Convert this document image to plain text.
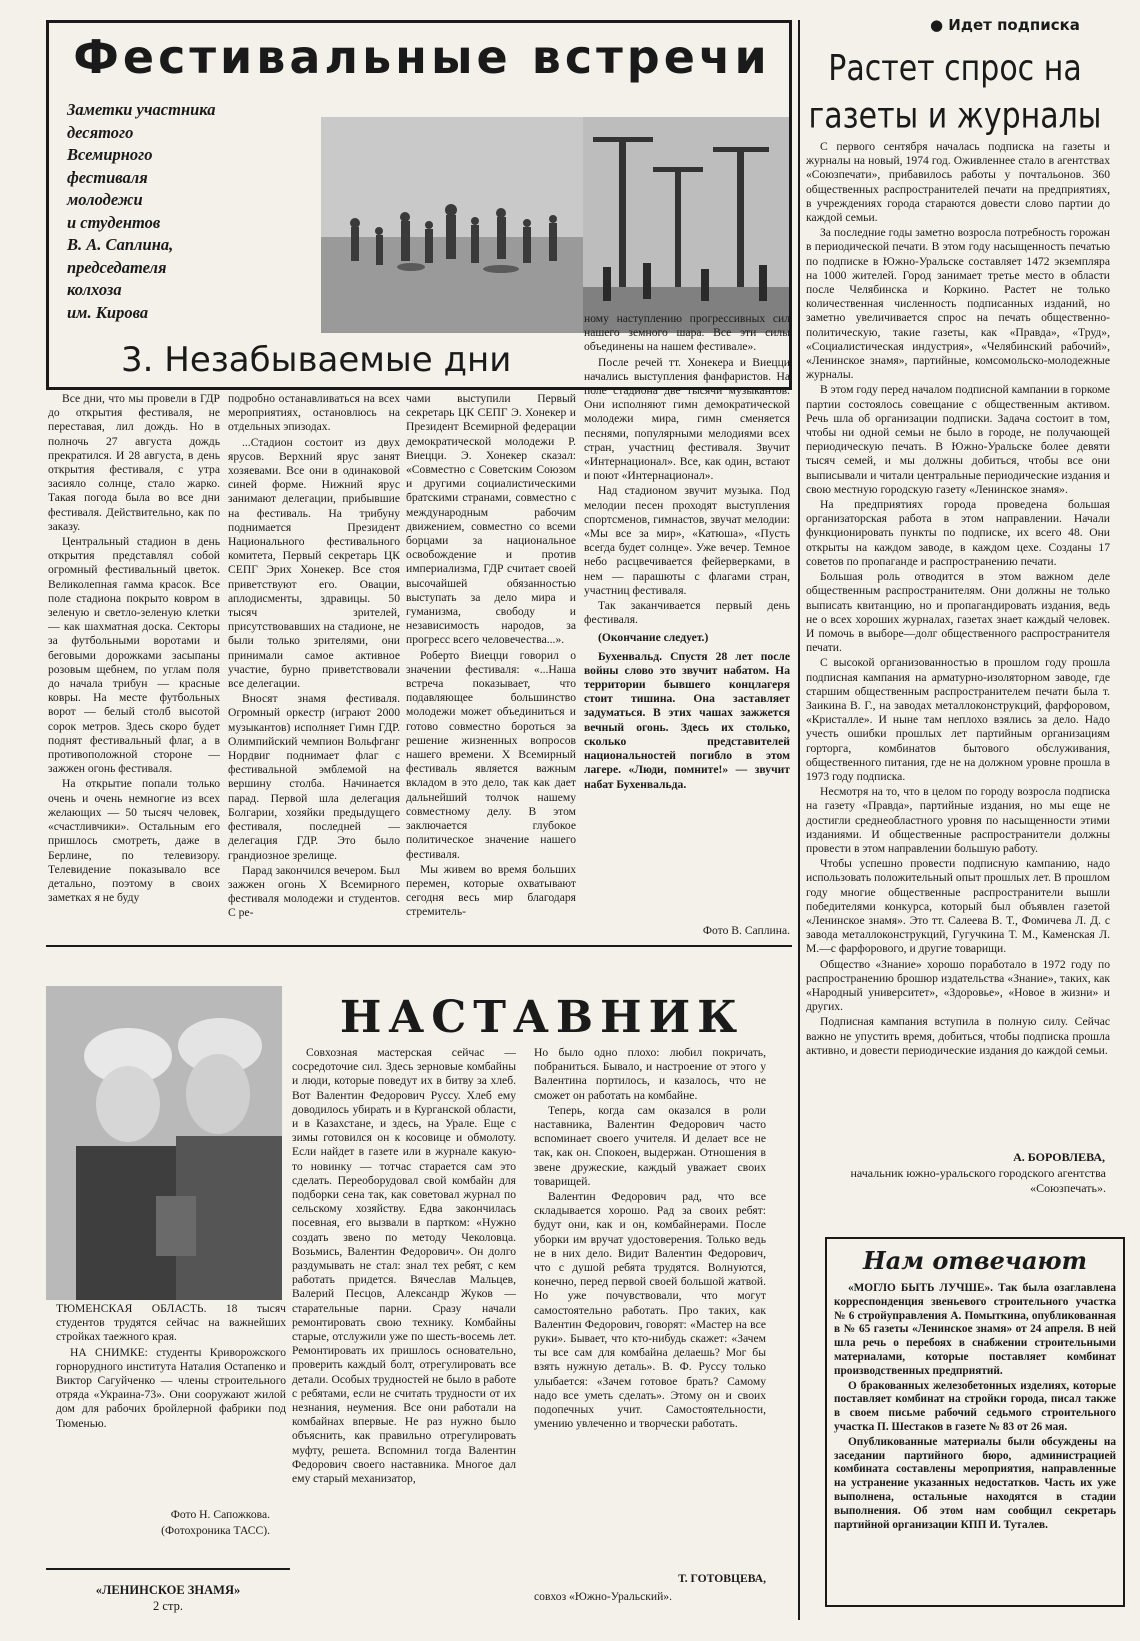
Фестивальные встречи
Заметки участника
десятого
Всемирного
фестиваля
молодежи
и студентов
В. А. Саплина,
председателя
колхоза
им. Кирова
3. Незабываемые дни

Все дни, что мы провели в ГДР до открытия фестиваля, не переставая, лил дождь. Но в полночь 27 августа дождь прекратился. И 28 августа, в день открытия фестиваля, с утра засияло солнце, стало жарко. Такая погода была во все дни фестиваля. Действительно, как по заказу.

Центральный стадион в день открытия представлял собой огромный фестивальный цветок. Великолепная гамма красок. Все поле стадиона покрыто ковром в зеленую и светло-зеленую клетки — как шахматная доска. Секторы за футбольными воротами и беговыми дорожками засыпаны розовым щебнем, по углам поля до начала трибун — красные ковры. На месте футбольных ворот — белый столб высотой сорок метров. Здесь скоро будет поднят фестивальный флаг, а в противоположной стороне — зажжен огонь фестиваля.

На открытие попали только очень и очень немногие из всех желающих — 50 тысяч человек, «счастливчики». Остальным его пришлось смотреть, даже в Берлине, по телевизору. Телевидение показывало все детально, поэтому в своих заметках я не буду

подробно останавливаться на всех мероприятиях, остановлюсь на отдельных эпизодах.

...Стадион состоит из двух ярусов. Верхний ярус занят хозяевами. Все они в одинаковой синей форме. Нижний ярус занимают делегации, прибывшие на фестиваль. На трибуну поднимается Президент Национального фестивального комитета, Первый секретарь ЦК СЕПГ Эрих Хонекер. Все стоя приветствуют его. Овации, аплодисменты, здравицы. 50 тысяч зрителей, присутствовавших на стадионе, не были только зрителями, они принимали самое активное участие, бурно приветствовали все делегации.

Вносят знамя фестиваля. Огромный оркестр (играют 2000 музыкантов) исполняет Гимн ГДР. Олимпийский чемпион Вольфганг Нордвиг поднимает флаг с фестивальной эмблемой на вершину столба. Начинается парад. Первой шла делегация Болгарии, хозяйки предыдущего фестиваля, последней — делегация ГДР. Это было грандиозное зрелище.

Парад закончился вечером. Был зажжен огонь X Всемирного фестиваля молодежи и студентов. С ре-

чами выступили Первый секретарь ЦК СЕПГ Э. Хонекер и Президент Всемирной федерации демократической молодежи Р. Виецци. Э. Хонекер сказал: «Совместно с Советским Союзом и другими социалистическими братскими странами, совместно с международным рабочим движением, совместно со всеми борцами за национальное освобождение и против империализма, ГДР считает своей высочайшей обязанностью выступать за дело мира и гуманизма, свободу и независимость народов, за прогресс всего человечества...».

Роберто Виецци говорил о значении фестиваля: «...Наша встреча показывает, что подавляющее большинство молодежи может объединиться и готово совместно бороться за решение жизненных вопросов нашего времени. X Всемирный фестиваль является важным вкладом в это дело, так как дает дальнейший толчок нашему совместному делу. В этом заключается глубокое политическое значение нашего фестиваля.

Мы живем во время больших перемен, которые охватывают сегодня весь мир благодаря стремитель-

ному наступлению прогрессивных сил нашего земного шара. Все эти силы объединены на нашем фестивале».

После речей тт. Хонекера и Виецци начались выступления фанфаристов. На поле стадиона две тысячи музыкантов. Они исполняют гимн демократической молодежи мира, гимн сменяется песнями, популярными мелодиями всех стран, участниц фестиваля. Звучит «Интернационал». Все, как один, встают и поют «Интернационал».

Над стадионом звучит музыка. Под мелодии песен проходят выступления спортсменов, гимнастов, звучат мелодии: «Мы все за мир», «Катюша», «Пусть всегда будет солнце». Уже вечер. Темное небо расцвечивается фейерверками, в нем — парашюты с флагами стран, участниц фестиваля.

Так заканчивается первый день фестиваля.

(Окончание следует.)

Бухенвальд. Спустя 28 лет после войны слово это звучит набатом. На территории бывшего концлагеря стоит тишина. Она заставляет задуматься. В этих чашах зажжется вечный огонь. Здесь их столько, сколько представителей национальностей погибло в этом лагере. «Люди, помните!» — звучит набат Бухенвальда.

Фото В. Саплина.
● Идет подписка
Растет спрос на газеты и журналы

С первого сентября началась подписка на газеты и журналы на новый, 1974 год. Оживленнее стало в агентствах «Союзпечати», прибавилось работы у почтальонов. 360 общественных распространителей печати на предприятиях, в учреждениях города стараются довести слово партии до каждой семьи.

За последние годы заметно возросла потребность горожан в периодической печати. В этом году насыщенность печатью по подписке в Южно-Уральске составляет 1472 экземпляра на 1000 жителей. Город занимает третье место в области после Челябинска и Коркино. Растет не только количественная численность подписанных изданий, но заметно увеличивается спрос на печать общественно-политическую, такие газеты, как «Правда», «Труд», «Социалистическая индустрия», «Челябинский рабочий», «Ленинское знамя», партийные, комсомольско-молодежные журналы.

В этом году перед началом подписной кампании в горкоме партии состоялось совещание с общественным активом. Речь шла об организации подписки. Задача состоит в том, чтобы ни одной семьи не было в городе, не получающей периодическую печать. В Южно-Уральске более девяти тысяч семей, и мы должны добиться, чтобы все они выписывали и читали центральные периодические издания и свою местную городскую газету «Ленинское знамя».

На предприятиях города проведена большая организаторская работа в этом направлении. Начали функционировать пункты по подписке, их всего 48. Они открыты на каждом заводе, в каждом цехе. Созданы 17 советов по пропаганде и распространению печати.

Большая роль отводится в этом важном деле общественным распространителям. Они должны не только выписать квитанцию, но и пропагандировать издания, ведь не о всех хороших журналах, газетах знает каждый человек. И помочь в выборе—долг общественного распространителя печати.

С высокой организованностью в прошлом году прошла подписная кампания на арматурно-изоляторном заводе, где старшим общественным распространителем печати была т. Заикина В. Г., на заводах металлоконструкций, фарфоровом, «Кристалле». И ныне там неплохо взялись за дело. Надо учесть ошибки прошлых лет партийным организациям горторга, комбинатов бытового обслуживания, общественного питания, где не на должном уровне прошла в 1973 году подписка.

Несмотря на то, что в целом по городу возросла подписка на газету «Правда», партийные издания, но мы еще не достигли среднеобластного уровня по насыщенности этими изданиями. И общественные распространители должны провести в этом направлении большую работу.

Чтобы успешно провести подписную кампанию, надо использовать положительный опыт прошлых лет. В прошлом году многие общественные распространители вышли победителями конкурса, который был объявлен газетой «Ленинское знамя». Это тт. Салеева В. Т., Фомичева Л. Д. с завода металлоконструкций, Гугучкина Т. М., Каменская Л. М.—с фарфорового, и другие товарищи.

Общество «Знание» хорошо поработало в 1972 году по распространению брошюр издательства «Знание», таких, как «Народный университет», «Здоровье», «Новое в жизни» и других.

Подписная кампания вступила в полную силу. Сейчас важно не упустить время, добиться, чтобы подписка прошла активно, и довести периодические издания до каждой семьи.

А. БОРОВЛЕВА,
начальник южно-уральского городского агентства «Союзпечать».

ТЮМЕНСКАЯ ОБЛАСТЬ. 18 тысяч студентов трудятся сейчас на важнейших стройках таежного края.

НА СНИМКЕ: студенты Криворожского горнорудного института Наталия Остапенко и Виктор Сагуйченко — члены строительного отряда «Украина-73». Они сооружают жилой дом для рабочих бройлерной фабрики под Тюменью.

Фото Н. Сапожкова.
(Фотохроника ТАСС).
«ЛЕНИНСКОЕ ЗНАМЯ»
2 стр.
НАСТАВНИК

Совхозная мастерская сейчас — сосредоточие сил. Здесь зерновые комбайны и люди, которые поведут их в битву за хлеб. Вот Валентин Федорович Руссу. Хлеб ему доводилось убирать и в Курганской области, и в Казахстане, и здесь, на Урале. Еще с зимы готовился он к косовице и обмолоту. Если найдет в газете или в журнале какую-то новинку — тотчас старается сам это сделать. Переоборудовал свой комбайн для подборки сена так, как советовал журнал по сельскому хозяйству. Едва закончилась посевная, его вызвали в партком: «Нужно создать звено по методу Чеколовца. Возьмись, Валентин Федорович». Он долго раздумывать не стал: знал тех ребят, с кем работать придется. Вячеслав Мальцев, Валерий Песцов, Александр Жуков — старательные парни. Сразу начали ремонтировать свою технику. Комбайны старые, отслужили уже по шесть-восемь лет. Ремонтировать их пришлось основательно, проверить каждый болт, отрегулировать все детали. Особых трудностей не было в работе с ребятами, если не считать трудности от их незнания, неумения. Все они работали на комбайнах впервые. Не раз нужно было объяснить, как правильно отрегулировать муфту, решета. Вспомнил тогда Валентин Федорович своего наставника. Многое дал ему старый механизатор,

Но было одно плохо: любил покричать, побраниться. Бывало, и настроение от этого у Валентина портилось, и казалось, что не сможет он работать на комбайне.

Теперь, когда сам оказался в роли наставника, Валентин Федорович часто вспоминает своего учителя. И делает все не так, как он. Спокоен, выдержан. Отношения в звене дружеские, каждый уважает своих товарищей.

Валентин Федорович рад, что все складывается хорошо. Рад за своих ребят: будут они, как и он, комбайнерами. После уборки им вручат удостоверения. Только ведь не в них дело. Видит Валентин Федорович, что с душой ребята трудятся. Волнуются, конечно, перед первой своей большой жатвой. Но уже почувствовали, что могут самостоятельно работать. Про таких, как Валентин Федорович, говорят: «Мастер на все руки». Бывает, что кто-нибудь скажет: «Зачем ты все сам для комбайна делаешь? Мог бы взять нужную деталь». В. Ф. Руссу только улыбается: «Зачем готовое брать? Самому надо все уметь сделать». Этому он и своих подопечных учит. Самостоятельности, умению увлеченно и творчески работать.

Т. ГОТОВЦЕВА,
совхоз «Южно-Уральский».
Нам отвечают

«МОГЛО БЫТЬ ЛУЧШЕ». Так была озаглавлена корреспонденция звеньевого строительного участка № 6 стройуправления А. Помыткина, опубликованная в № 65 газеты «Ленинское знамя» от 24 апреля. В ней шла речь о перебоях в снабжении строительными материалами, которые поставляет комбинат производственных предприятий.

О бракованных железобетонных изделиях, которые поставляет комбинат на стройки города, писал также в своем письме рабочий седьмого строительного участка П. Шестаков в газете № 83 от 26 мая.

Опубликованные материалы были обсуждены на заседании партийного бюро, администрацией комбината составлены мероприятия, направленные на устранение указанных недостатков. Часть их уже выполнена, остальные находятся в стадии выполнения. Об этом нам сообщил секретарь партийной организации КПП И. Туталев.
